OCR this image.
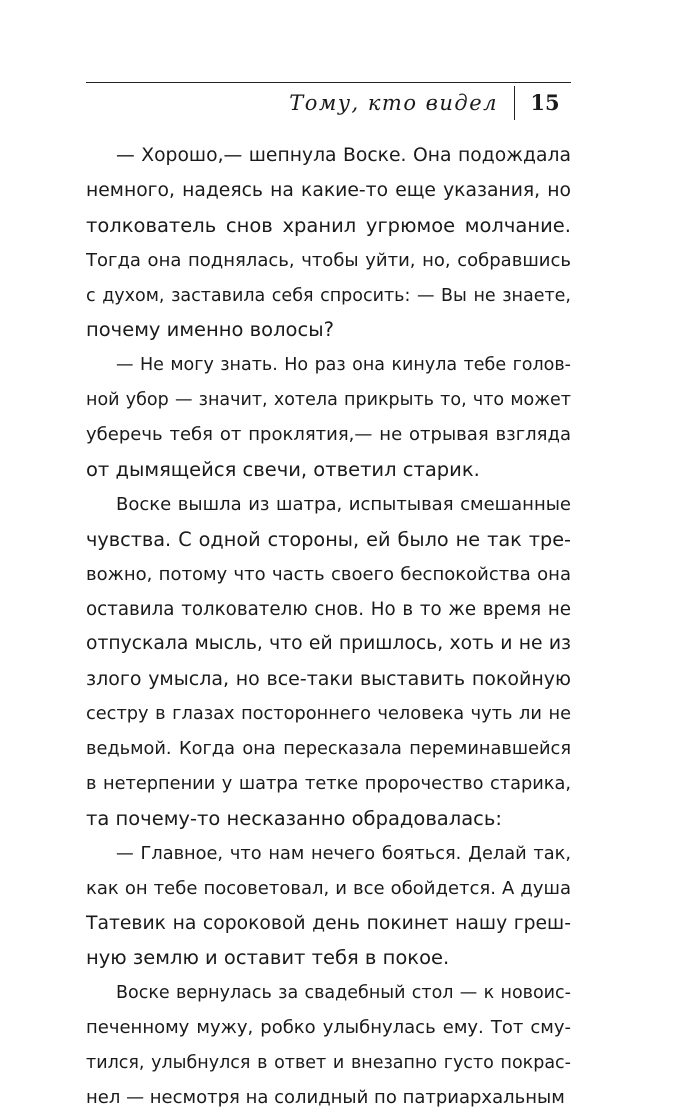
Тому, кто видел	15
— Хорошо,— шепнула Воске. Она подождала
немного, надеясь на какие-то еще указания, но
толкователь снов хранил угрюмое молчание.
Тогда она поднялась, чтобы уйти, но, собравшись
с духом, заставила себя спросить: — Вы не знаете,
почему именно волосы?
— Не могу знать. Но раз она кинула тебе голов-
ной убор — значит, хотела прикрыть то, что может
уберечь тебя от проклятия,— не отрывая взгляда
от дымящейся свечи, ответил старик.
Воске вышла из шатра, испытывая смешанные
чувства. С одной стороны, ей было не так тре-
вожно, потому что часть своего беспокойства она
оставила толкователю снов. Но в то же время не
отпускала мысль, что ей пришлось, хоть и не из
злого умысла, но все-таки выставить покойную
сестру в глазах постороннего человека чуть ли не
ведьмой. Когда она пересказала переминавшейся
в нетерпении у шатра тетке пророчество старика,
та почему-то несказанно обрадовалась:
— Главное, что нам нечего бояться. Делай так,
как он тебе посоветовал, и все обойдется. А душа
Татевик на сороковой день покинет нашу греш-
ную землю и оставит тебя в покое.
Воске вернулась за свадебный стол — к новоис-
печенному мужу, робко улыбнулась ему. Тот сму-
тился, улыбнулся в ответ и внезапно густо покрас-
нел — несмотря на солидный по патриархальным
